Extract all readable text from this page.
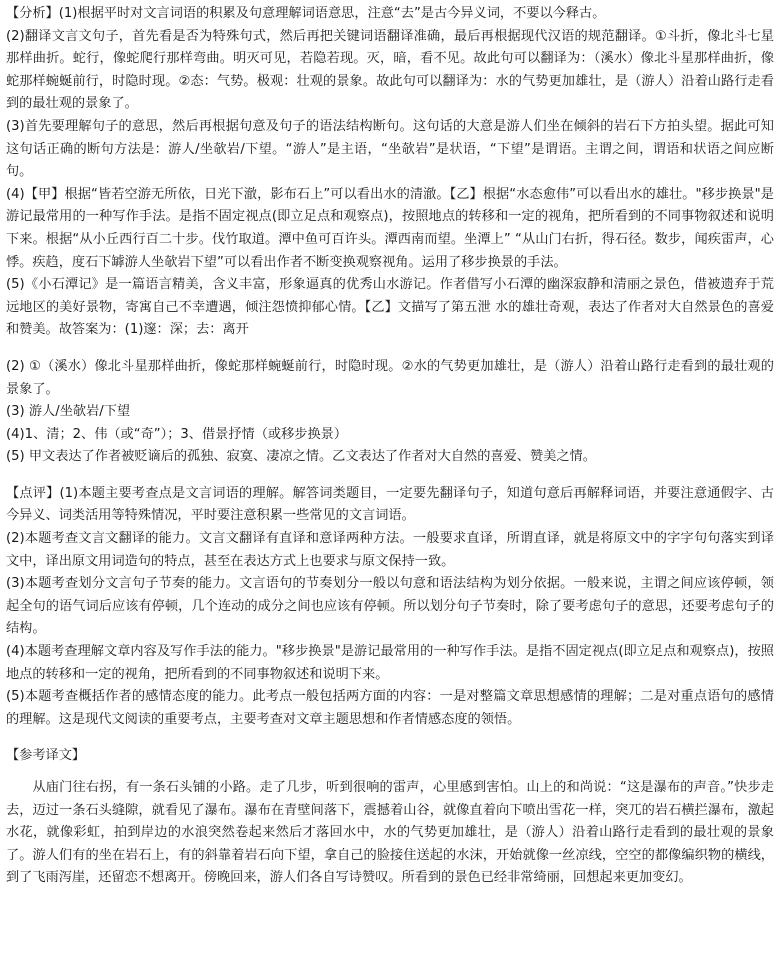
【分析】(1)根据平时对文言词语的积累及句意理解词语意思，注意“去”是古今异义词，不要以今释古。

(2)翻译文言文句子，首先看是否为特殊句式，然后再把关键词语翻译准确，最后再根据现代汉语的规范翻译。①斗折，像北斗七星那样曲折。蛇行，像蛇爬行那样弯曲。明灭可见，若隐若现。灭，暗，看不见。故此句可以翻译为：（溪水）像北斗星那样曲折，像蛇那样蜿蜒前行，时隐时现。②态：气势。极观：壮观的景象。故此句可以翻译为：水的气势更加雄壮，是（游人）沿着山路行走看到的最壮观的景象了。

(3)首先要理解句子的意思，然后再根据句意及句子的语法结构断句。这句话的大意是游人们坐在倾斜的岩石下方拍头望。据此可知这句话正确的断句方法是：游人/坐欹岩/下望。“游人”是主语，“坐欹岩”是状语，“下望”是谓语。主谓之间，谓语和状语之间应断句。

(4)【甲】根据“皆若空游无所依，日光下澈，影布石上”可以看出水的清澈。【乙】根据“水态愈伟”可以看出水的雄壮。"移步换景"是游记最常用的一种写作手法。是指不固定视点(即立足点和观察点)，按照地点的转移和一定的视角，把所看到的不同事物叙述和说明下来。根据“从小丘西行百二十步。伐竹取道。潭中鱼可百许头。潭西南而望。坐潭上” “从山门右折，得石径。数步，闻疾雷声，心悸。疾趋，度石下罅游人坐欹岩下望”可以看出作者不断变换观察视角。运用了移步换景的手法。

(5)《小石潭记》是一篇语言精美，含义丰富，形象逼真的优秀山水游记。作者借写小石潭的幽深寂静和清丽之景色，借被遗弃于荒远地区的美好景物，寄寓自己不幸遭遇，倾注怨愤抑郁心情。【乙】文描写了第五泄 水的雄壮奇观，表达了作者对大自然景色的喜爱和赞美。故答案为：(1)邃：深；去：离开

(2) ①（溪水）像北斗星那样曲折，像蛇那样蜿蜒前行，时隐时现。②水的气势更加雄壮，是（游人）沿着山路行走看到的最壮观的景象了。

(3) 游人/坐欹岩/下望

(4)1、清；2、伟（或“奇”）；3、借景抒情（或移步换景）

(5) 甲文表达了作者被贬谪后的孤独、寂寞、凄凉之情。乙文表达了作者对大自然的喜爱、赞美之情。

【点评】(1)本题主要考查点是文言词语的理解。解答词类题目，一定要先翻译句子，知道句意后再解释词语，并要注意通假字、古今异义、词类活用等特殊情况，平时要注意积累一些常见的文言词语。

(2)本题考查文言文翻译的能力。文言文翻译有直译和意译两种方法。一般要求直译，所谓直译，就是将原文中的字字句句落实到译文中，译出原文用词造句的特点，甚至在表达方式上也要求与原文保持一致。

(3)本题考查划分文言句子节奏的能力。文言语句的节奏划分一般以句意和语法结构为划分依据。一般来说，主谓之间应该停顿，领起全句的语气词后应该有停顿，几个连动的成分之间也应该有停顿。所以划分句子节奏时，除了要考虑句子的意思，还要考虑句子的结构。

(4)本题考查理解文章内容及写作手法的能力。"移步换景"是游记最常用的一种写作手法。是指不固定视点(即立足点和观察点)，按照地点的转移和一定的视角，把所看到的不同事物叙述和说明下来。

(5)本题考查概括作者的感情态度的能力。此考点一般包括两方面的内容：一是对整篇文章思想感情的理解；二是对重点语句的感情的理解。这是现代文阅读的重要考点，主要考查对文章主题思想和作者情感态度的领悟。

【参考译文】

从庙门往右拐，有一条石头铺的小路。走了几步，听到很响的雷声，心里感到害怕。山上的和尚说：“这是瀑布的声音。”快步走去，迈过一条石头缝隙，就看见了瀑布。瀑布在青壁间落下，震撼着山谷，就像直着向下喷出雪花一样，突兀的岩石横拦瀑布，激起水花，就像彩虹，拍到岸边的水浪突然卷起来然后才落回水中，水的气势更加雄壮，是（游人）沿着山路行走看到的最壮观的景象了。游人们有的坐在岩石上，有的斜靠着岩石向下望，拿自己的脸接住送起的水沫，开始就像一丝凉线，空空的都像编织物的横线，到了飞雨泻崖，还留恋不想离开。傍晚回来，游人们各自写诗赞叹。所看到的景色已经非常绮丽，回想起来更加变幻。
